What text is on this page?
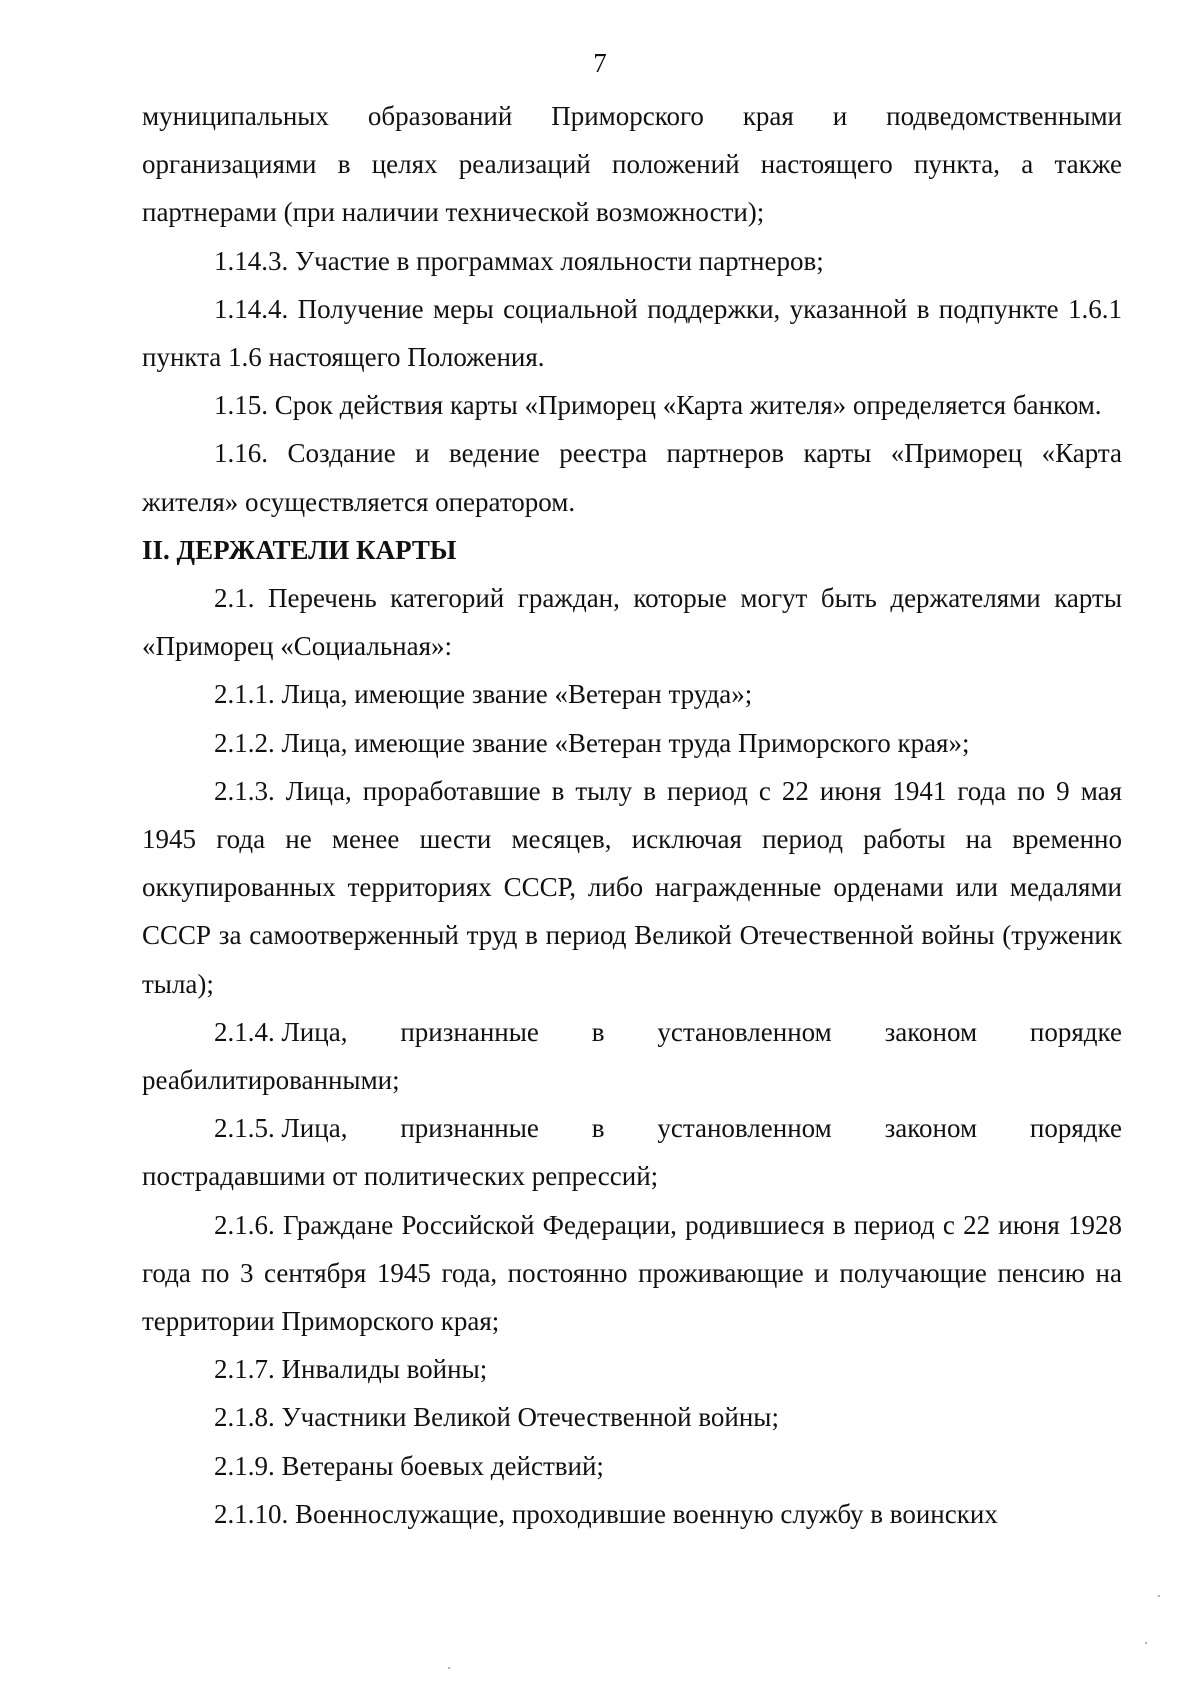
7

муниципальных образований Приморского края и подведомственными организациями в целях реализаций положений настоящего пункта, а также партнерами (при наличии технической возможности);

1.14.3. Участие в программах лояльности партнеров;

1.14.4. Получение меры социальной поддержки, указанной в подпункте 1.6.1 пункта 1.6 настоящего Положения.

1.15. Срок действия карты «Приморец «Карта жителя» определяется банком.

1.16. Создание и ведение реестра партнеров карты «Приморец «Карта жителя» осуществляется оператором.

II. ДЕРЖАТЕЛИ КАРТЫ

2.1. Перечень категорий граждан, которые могут быть держателями карты «Приморец «Социальная»:

2.1.1. Лица, имеющие звание «Ветеран труда»;

2.1.2. Лица, имеющие звание «Ветеран труда Приморского края»;

2.1.3. Лица, проработавшие в тылу в период с 22 июня 1941 года по 9 мая 1945 года не менее шести месяцев, исключая период работы на временно оккупированных территориях СССР, либо награжденные орденами или медалями СССР за самоотверженный труд в период Великой Отечественной войны (труженик тыла);

2.1.4. Лица, признанные в установленном законом порядке
реабилитированными;
2.1.5. Лица, признанные в установленном законом порядке
пострадавшими от политических репрессий;

2.1.6. Граждане Российской Федерации, родившиеся в период с 22 июня 1928 года по 3 сентября 1945 года, постоянно проживающие и получающие пенсию на территории Приморского края;

2.1.7. Инвалиды войны;

2.1.8. Участники Великой Отечественной войны;

2.1.9. Ветераны боевых действий;

2.1.10. Военнослужащие, проходившие военную службу в воинских
